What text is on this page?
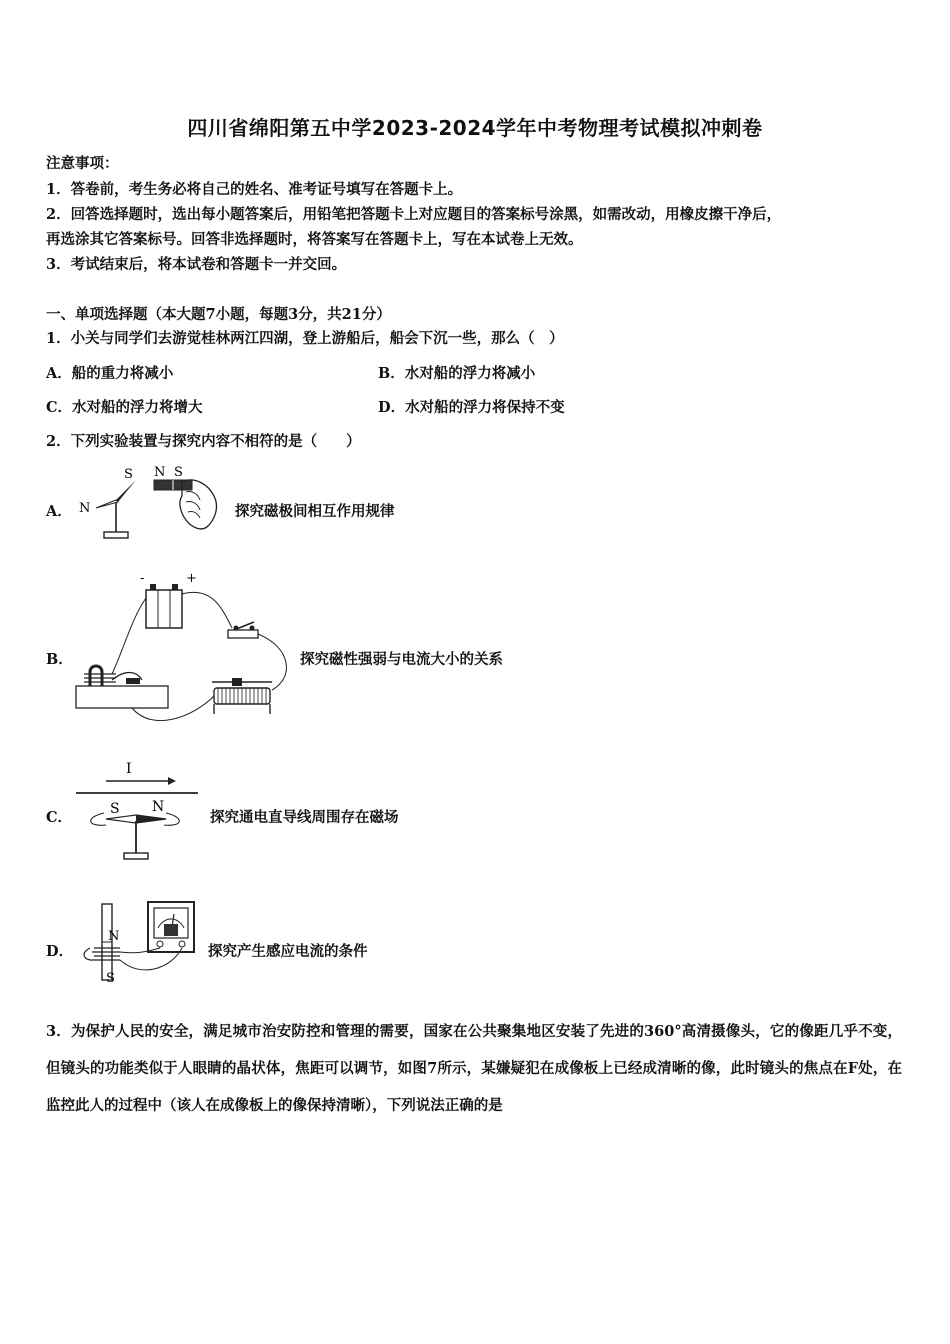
四川省绵阳第五中学2023-2024学年中考物理考试模拟冲刺卷
注意事项：
1．答卷前，考生务必将自己的姓名、准考证号填写在答题卡上。
2．回答选择题时，选出每小题答案后，用铅笔把答题卡上对应题目的答案标号涂黑，如需改动，用橡皮擦干净后，
再选涂其它答案标号。回答非选择题时，将答案写在答题卡上，写在本试卷上无效。
3．考试结束后，将本试卷和答题卡一并交回。
一、单项选择题（本大题7小题，每题3分，共21分）
1．小关与同学们去游觉桂林两江四湖，登上游船后，船会下沉一些，那么（　）
A．船的重力将减小	B．水对船的浮力将减小
C．水对船的浮力将增大	D．水对船的浮力将保持不变
2．下列实验装置与探究内容不相符的是（　　）
A．
S
N
N S
探究磁极间相互作用规律
B．
-	+
探究磁性强弱与电流大小的关系
C．
I
S N
探究通电直导线周围存在磁场
D．
N
S
探究产生感应电流的条件
3．为保护人民的安全，满足城市治安防控和管理的需要，国家在公共聚集地区安装了先进的360°高清摄像头，它的像距几乎不变，但镜头的功能类似于人眼睛的晶状体，焦距可以调节，如图7所示，某嫌疑犯在成像板上已经成清晰的像，此时镜头的焦点在F处，在监控此人的过程中（该人在成像板上的像保持清晰），下列说法正确的是
